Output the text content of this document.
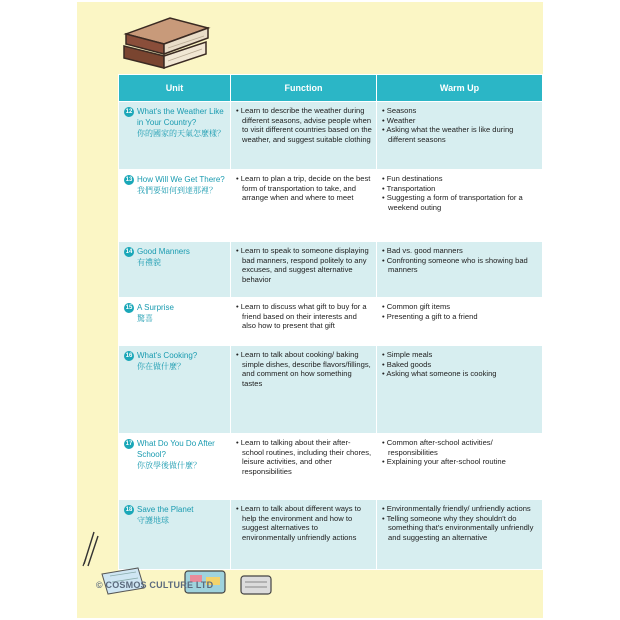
Unit	Function	Warm Up

12 What's the Weather Like in Your Country?
你的國家的天氣怎麼樣？	• Learn to describe the weather during different seasons, advise people when to visit different countries based on the weather, and suggest suitable clothing	• Seasons
• Weather
• Asking what the weather is like during different seasons

13 How Will We Get There?
我們要如何到達那裡？	• Learn to plan a trip, decide on the best form of transportation to take, and arrange when and where to meet	• Fun destinations
• Transportation
• Suggesting a form of transportation for a weekend outing

14 Good Manners
有禮貌	• Learn to speak to someone displaying bad manners, respond politely to any excuses, and suggest alternative behavior	• Bad vs. good manners
• Confronting someone who is showing bad manners

15 A Surprise
驚喜	• Learn to discuss what gift to buy for a friend based on their interests and also how to present that gift	• Common gift items
• Presenting a gift to a friend

16 What's Cooking?
你在做什麼？	• Learn to talk about cooking/ baking simple dishes, describe flavors/fillings, and comment on how something tastes	• Simple meals
• Baked goods
• Asking what someone is cooking

17 What Do You Do After School?
你放學後做什麼？	• Learn to talking about their after-school routines, including their chores, leisure activities, and other responsibilities	• Common after-school activities/ responsibilities
• Explaining your after-school routine

18 Save the Planet
守護地球	• Learn to talk about different ways to help the environment and how to suggest alternatives to environmentally unfriendly actions	• Environmentally friendly/ unfriendly actions
• Telling someone why they shouldn't do something that's environmentally unfriendly and suggesting an alternative
© COSMOS CULTURE LTD
